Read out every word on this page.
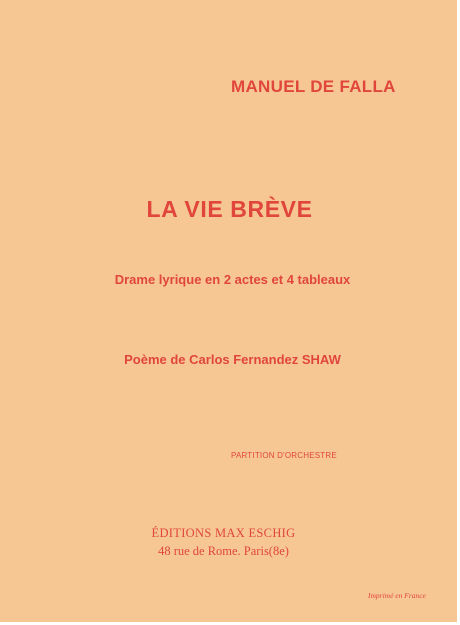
MANUEL DE FALLA

LA VIE BRÈVE

Drame lyrique en 2 actes et 4 tableaux

Poème de Carlos Fernandez SHAW

PARTITION D'ORCHESTRE

ÉDITIONS MAX ESCHIG

48 rue de Rome. Paris(8e)

Imprimé en France
